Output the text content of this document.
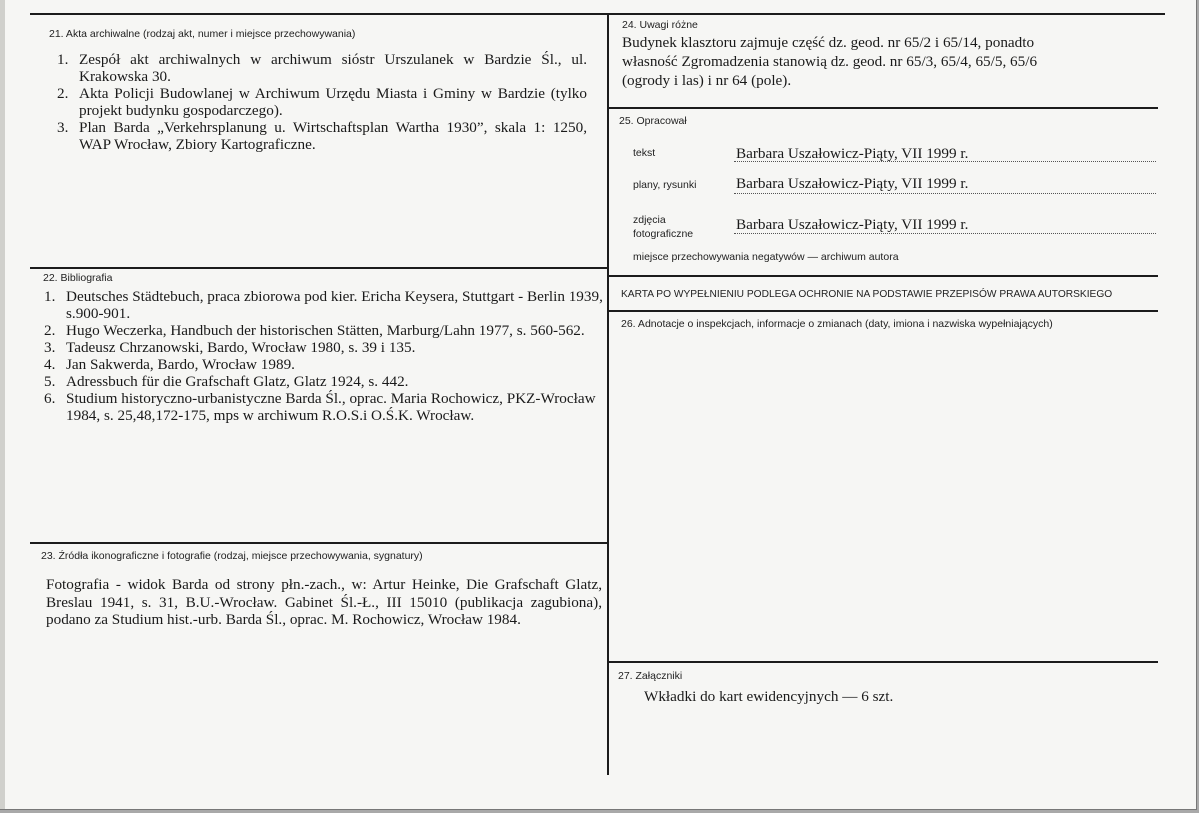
21. Akta archiwalne (rodzaj akt, numer i miejsce przechowywania)
1. Zespół akt archiwalnych w archiwum sióstr Urszulanek w Bardzie Śl., ul. Krakowska 30.
2. Akta Policji Budowlanej w Archiwum Urzędu Miasta i Gminy w Bardzie (tylko projekt budynku gospodarczego).
3. Plan Barda „Verkehrsplanung u. Wirtschaftsplan Wartha 1930”, skala 1: 1250, WAP Wrocław, Zbiory Kartograficzne.
22. Bibliografia
1. Deutsches Städtebuch, praca zbiorowa pod kier. Ericha Keysera, Stuttgart - Berlin 1939, s.900-901.
2. Hugo Weczerka, Handbuch der historischen Stätten, Marburg/Lahn 1977, s. 560-562.
3. Tadeusz Chrzanowski, Bardo, Wrocław 1980, s. 39 i 135.
4. Jan Sakwerda, Bardo, Wrocław 1989.
5. Adressbuch für die Grafschaft Glatz, Glatz 1924, s. 442.
6. Studium historyczno-urbanistyczne Barda Śl., oprac. Maria Rochowicz, PKZ-Wrocław 1984, s. 25,48,172-175, mps w archiwum R.O.S.i O.Ś.K. Wrocław.
23. Źródła ikonograficzne i fotografie (rodzaj, miejsce przechowywania, sygnatury)
Fotografia - widok Barda od strony płn.-zach., w: Artur Heinke, Die Grafschaft Glatz, Breslau 1941, s. 31, B.U.-Wrocław. Gabinet Śl.-Ł., III 15010 (publikacja zagubiona), podano za Studium hist.-urb. Barda Śl., oprac. M. Rochowicz, Wrocław 1984.
24. Uwagi różne
Budynek klasztoru zajmuje część dz. geod. nr 65/2 i 65/14, ponadto
własność Zgromadzenia stanowią dz. geod. nr 65/3, 65/4, 65/5, 65/6
(ogrody i las) i nr 64 (pole).
25. Opracował
tekst	Barbara Uszałowicz-Piąty, VII 1999 r.
plany, rysunki	Barbara Uszałowicz-Piąty, VII 1999 r.
zdjęcia
fotograficzne
Barbara Uszałowicz-Piąty, VII 1999 r.
miejsce przechowywania negatywów — archiwum autora
KARTA PO WYPEŁNIENIU PODLEGA OCHRONIE NA PODSTAWIE PRZEPISÓW PRAWA AUTORSKIEGO
26. Adnotacje o inspekcjach, informacje o zmianach (daty, imiona i nazwiska wypełniających)
27. Załączniki
Wkładki do kart ewidencyjnych — 6 szt.
